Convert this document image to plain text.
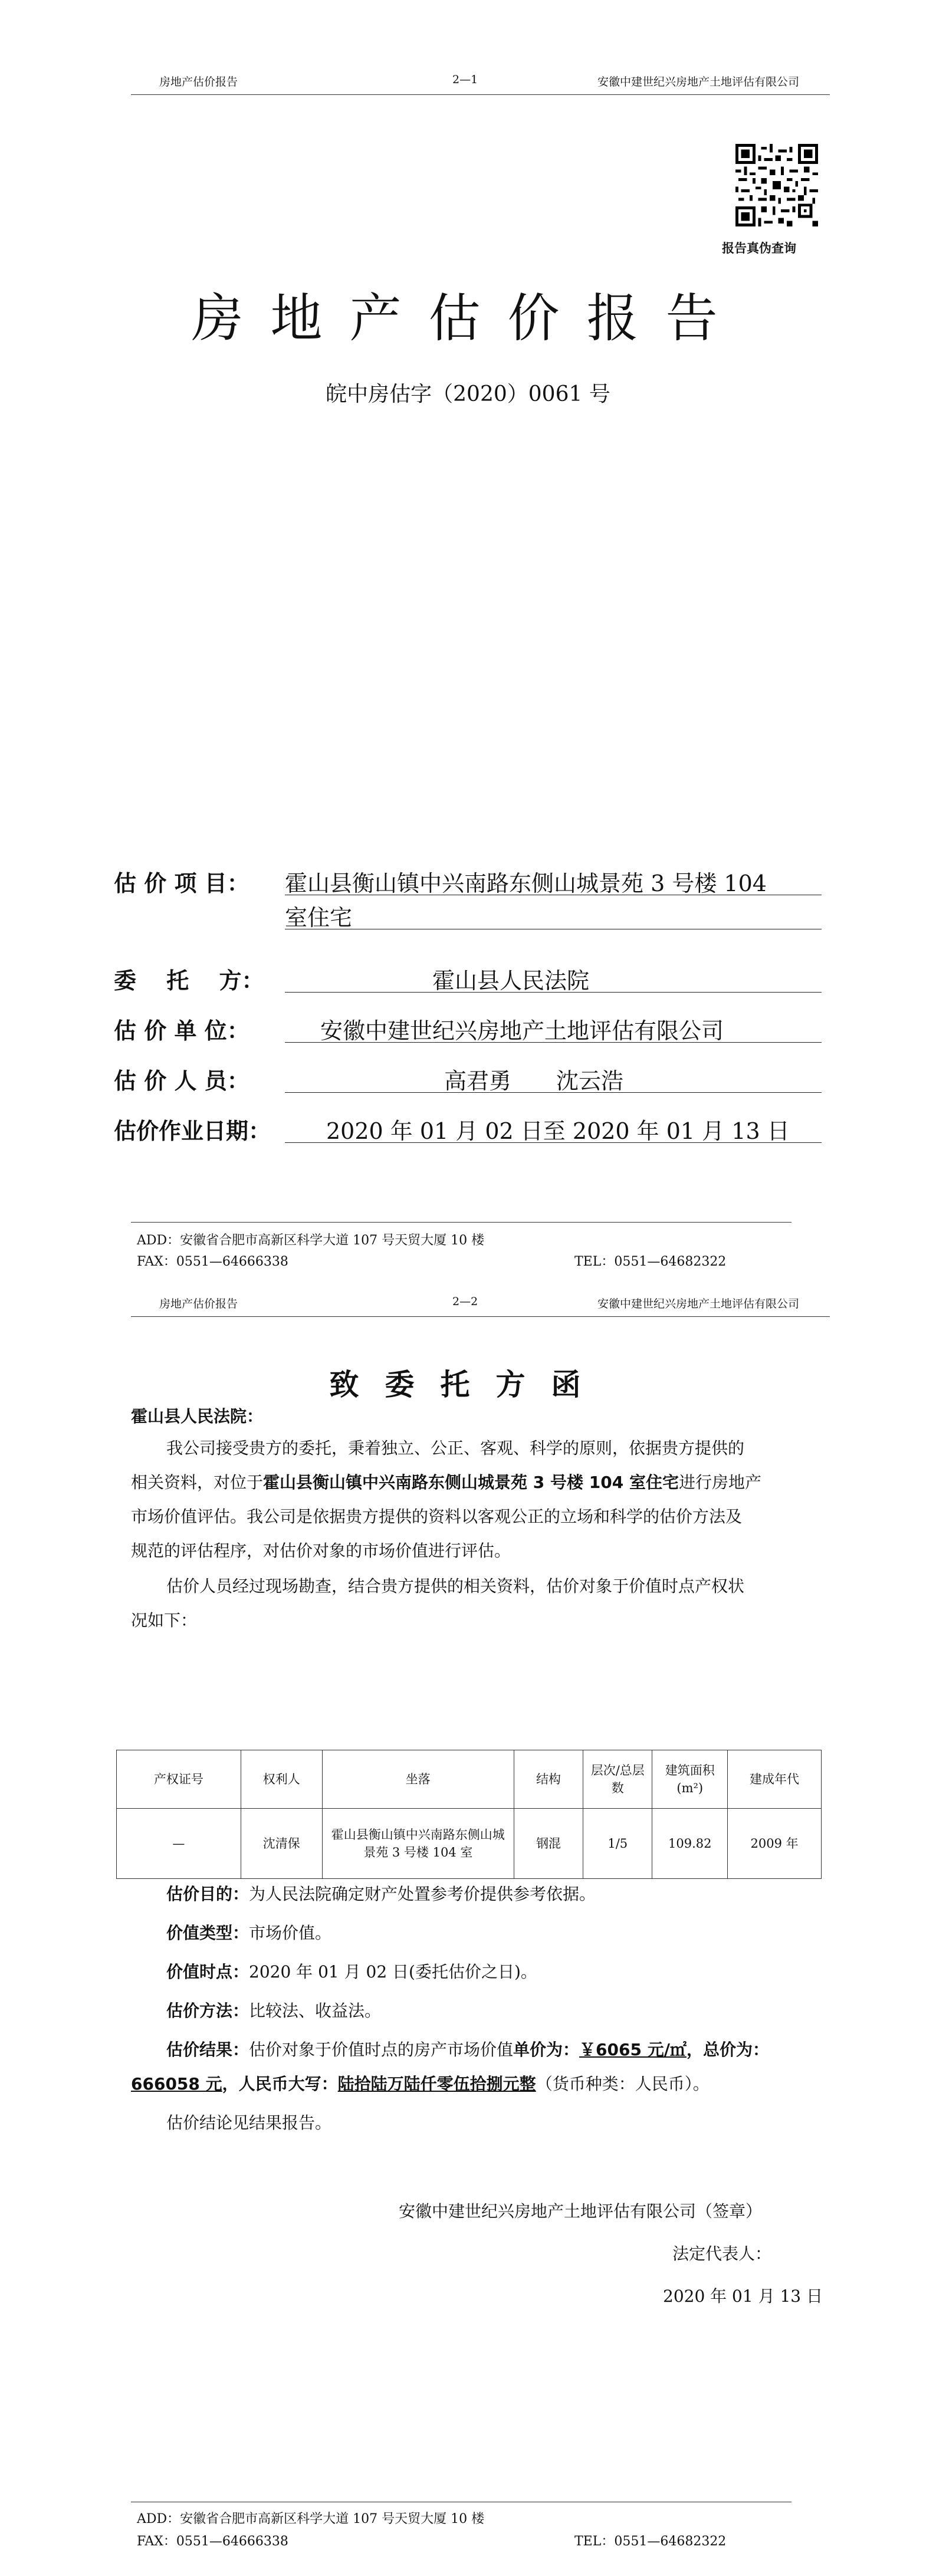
房地产估价报告	2—1	安徽中建世纪兴房地产土地评估有限公司
报告真伪查询
房地产估价报告
皖中房估字（2020）0061 号
估 价 项 目： 霍山县衡山镇中兴南路东侧山城景苑 3 号楼 104
室住宅
委　 托　 方：	霍山县人民法院
估 价 单 位：	安徽中建世纪兴房地产土地评估有限公司
估 价 人 员：	高君勇　　沈云浩
估价作业日期： 2020 年 01 月 02 日至 2020 年 01 月 13 日
ADD：安徽省合肥市高新区科学大道 107 号天贸大厦 10 楼
FAX：0551—64666338	TEL：0551—64682322
房地产估价报告	2—2	安徽中建世纪兴房地产土地评估有限公司
致委托方函
霍山县人民法院：
我公司接受贵方的委托，秉着独立、公正、客观、科学的原则，依据贵方提供的
相关资料，对位于霍山县衡山镇中兴南路东侧山城景苑 3 号楼 104 室住宅进行房地产
市场价值评估。我公司是依据贵方提供的资料以客观公正的立场和科学的估价方法及
规范的评估程序，对估价对象的市场价值进行评估。
估价人员经过现场勘查，结合贵方提供的相关资料，估价对象于价值时点产权状
况如下：
产权证号	权利人	坐落	结构	层次/总层数	建筑面积(m²)	建成年代
—	沈清保	霍山县衡山镇中兴南路东侧山城景苑 3 号楼 104 室	钢混	1/5	109.82	2009 年
估价目的：为人民法院确定财产处置参考价提供参考依据。
价值类型：市场价值。
价值时点：2020 年 01 月 02 日(委托估价之日)。
估价方法：比较法、收益法。
估价结果：估价对象于价值时点的房产市场价值单价为：￥6065 元/㎡，总价为：
666058 元，人民币大写：陆拾陆万陆仟零伍拾捌元整（货币种类：人民币）。
估价结论见结果报告。
安徽中建世纪兴房地产土地评估有限公司（签章）
法定代表人：
2020 年 01 月 13 日
ADD：安徽省合肥市高新区科学大道 107 号天贸大厦 10 楼
FAX：0551—64666338	TEL：0551—64682322
